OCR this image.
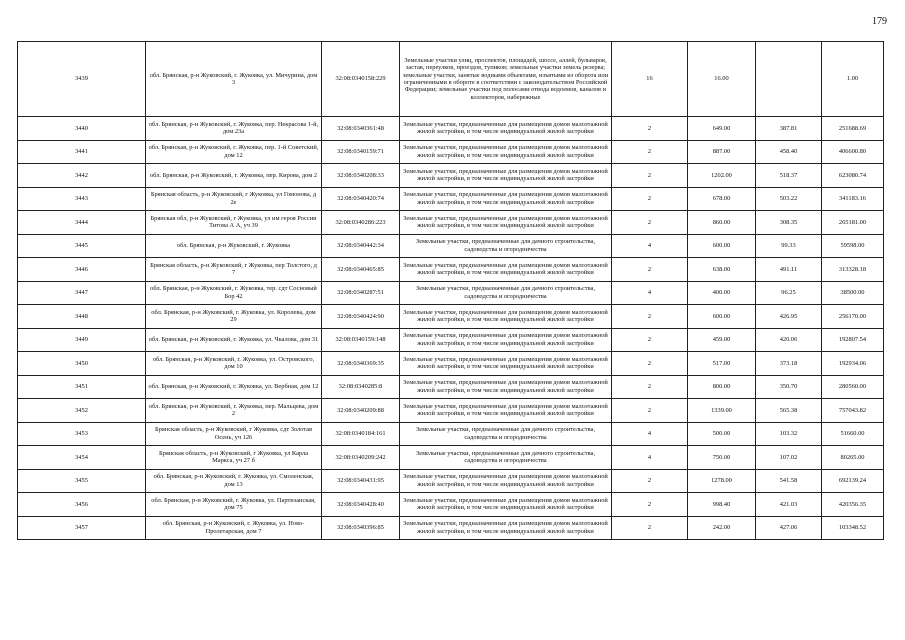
179
3439	обл. Брянская, р-н Жуковский, г. Жуковка, ул. Мичурина, дом 3	32:08:0340158:229	Земельные участки улиц, проспектов, площадей, шоссе, аллей, бульваров, застав, переулков, проездов, тупиков; земельные участки земель резерва; земельные участки, занятые водными объектами, изъятыми из оборота или ограниченными в обороте в соответствии с законодательством Российской Федерации; земельные участки под полосами отвода водоемов, каналов и коллекторов, набережные	16	16.00		1.00
3440	обл. Брянская, р-н Жуковский, г. Жуковка, пер. Некрасова 1-й, дом 23а	32:08:0340361:48	Земельные участки, предназначенные для размещения домов малоэтажной жилой застройки, в том числе индивидуальной жилой застройки	2	649.00	387.81	251688.69
3441	обл. Брянская, р-н Жуковский, г. Жуковка, пер. 1-й Советский, дом 12	32:08:0340159:71	Земельные участки, предназначенные для размещения домов малоэтажной жилой застройки, в том числе индивидуальной жилой застройки	2	887.00	458.40	406600.80
3442	обл. Брянская, р-н Жуковский, г. Жуковка, пер. Кирова, дом 2	32:08:0340208:33	Земельные участки, предназначенные для размещения домов малоэтажной жилой застройки, в том числе индивидуальной жилой застройки	2	1202.00	518.37	623080.74
3443	Брянская область, р-н Жуковский, г Жуковка, ул Гомонова, д 2е	32:08:0340420:74	Земельные участки, предназначенные для размещения домов малоэтажной жилой застройки, в том числе индивидуальной жилой застройки	2	678.00	503.22	341183.16
3444	Брянская обл, р-н Жуковский, г Жуковка, ул им героя России Титова А А, уч 39	32:08:0340286:223	Земельные участки, предназначенные для размещения домов малоэтажной жилой застройки, в том числе индивидуальной жилой застройки	2	860.00	308.35	265181.00
3445	обл. Брянская, р-н Жуковский, г. Жуковка	32:08:0340442:34	Земельные участки, предназначенные для дачного строительства, садоводства и огородничества	4	600.00	99.33	59598.00
3446	Брянская область, р-н Жуковский, г Жуковка, пер Толстого, д 7	32:08:0340465:85	Земельные участки, предназначенные для размещения домов малоэтажной жилой застройки, в том числе индивидуальной жилой застройки	2	638.00	491.11	313328.18
3447	обл. Брянская, р-н Жуковский, г. Жуковка, тер. сдт Сосновый Бор 42	32:08:0340287:51	Земельные участки, предназначенные для дачного строительства, садоводства и огородничества	4	400.00	96.25	38500.00
3448	обл. Брянская, р-н Жуковский, г. Жуковка, ул. Королева, дом 29	32:08:0340424:90	Земельные участки, предназначенные для размещения домов малоэтажной жилой застройки, в том числе индивидуальной жилой застройки	2	600.00	426.95	256170.00
3449	обл. Брянская, р-н Жуковский, г. Жуковка, ул. Чкалова, дом 31	32:08:0340159:148	Земельные участки, предназначенные для размещения домов малоэтажной жилой застройки, в том числе индивидуальной жилой застройки	2	459.00	420.06	192807.54
3450	обл. Брянская, р-н Жуковский, г. Жуковка, ул. Островского, дом 10	32:08:0340369:35	Земельные участки, предназначенные для размещения домов малоэтажной жилой застройки, в том числе индивидуальной жилой застройки	2	517.00	373.18	192934.06
3451	обл. Брянская, р-н Жуковский, г. Жуковка, ул. Вербная, дом 12	32:08:0340285:8	Земельные участки, предназначенные для размещения домов малоэтажной жилой застройки, в том числе индивидуальной жилой застройки	2	800.00	350.70	280560.00
3452	обл. Брянская, р-н Жуковский, г. Жуковка, пер. Мальцева, дом 2	32:08:0340209:88	Земельные участки, предназначенные для размещения домов малоэтажной жилой застройки, в том числе индивидуальной жилой застройки	2	1339.00	565.38	757043.82
3453	Брянская область, р-н Жуковский, г Жуковка, сдт Золотая Осень, уч 126	32:08:0340184:161	Земельные участки, предназначенные для дачного строительства, садоводства и огородничества	4	500.00	103.32	51660.00
3454	Брянская область, р-н Жуковский, г Жуковка, ул Карла Маркса, уч 27 б	32:08:0340209:242	Земельные участки, предназначенные для дачного строительства, садоводства и огородничества	4	750.00	107.02	80265.00
3455	обл. Брянская, р-н Жуковский, г. Жуковка, ул. Смоленская, дом 13	32:08:0340431:95	Земельные участки, предназначенные для размещения домов малоэтажной жилой застройки, в том числе индивидуальной жилой застройки	2	1278.00	541.58	692139.24
3456	обл. Брянская, р-н Жуковский, г. Жуковка, ул. Партизанская, дом 75	32:08:0340428:40	Земельные участки, предназначенные для размещения домов малоэтажной жилой застройки, в том числе индивидуальной жилой застройки	2	998.40	421.03	420356.35
3457	обл. Брянская, р-н Жуковский, г. Жуковка, ул. Ново-Пролетарская, дом 7	32:08:0340396:85	Земельные участки, предназначенные для размещения домов малоэтажной жилой застройки, в том числе индивидуальной жилой застройки	2	242.00	427.06	103348.52
